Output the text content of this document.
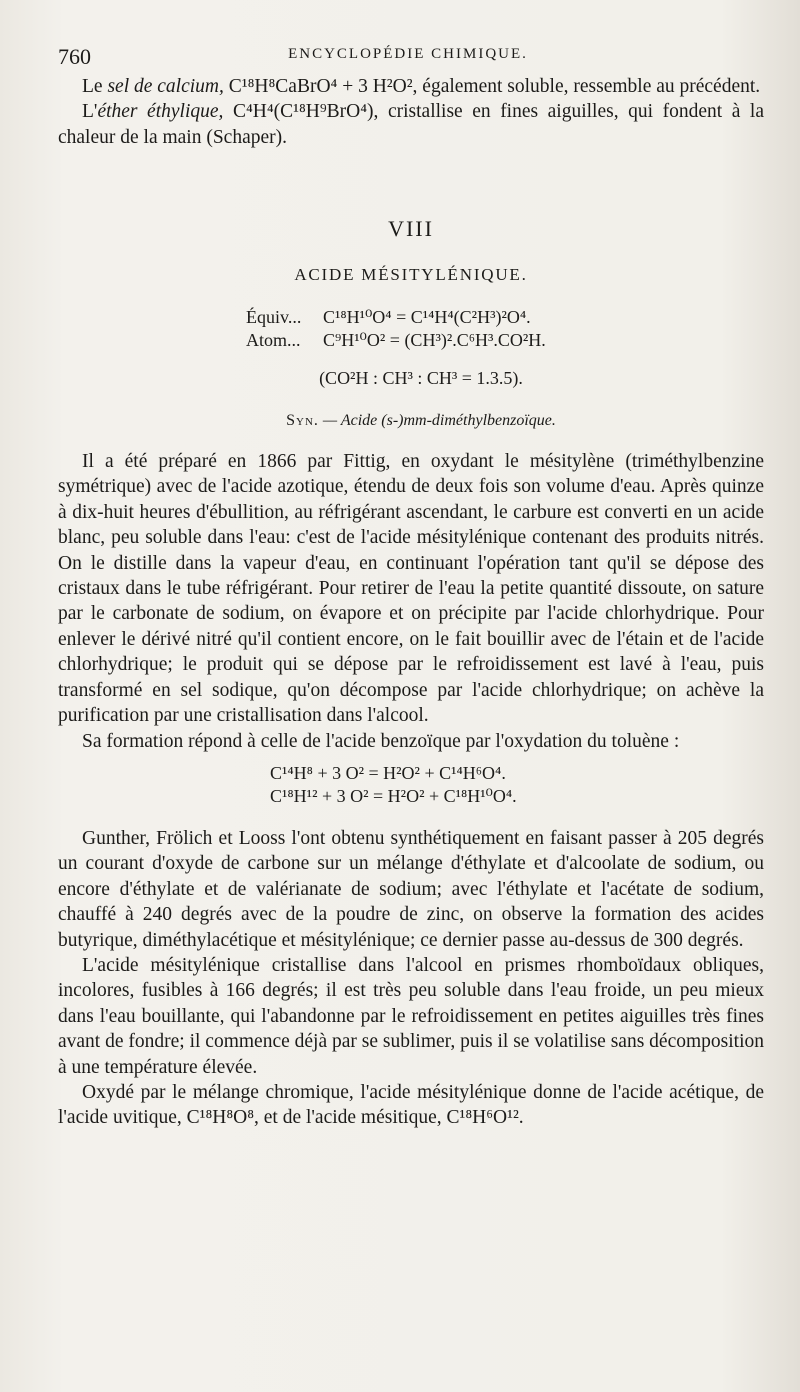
760	ENCYCLOPÉDIE CHIMIQUE.

Le sel de calcium, C¹⁸H⁸CaBrO⁴ + 3 H²O², également soluble, ressemble au précédent.

L'éther éthylique, C⁴H⁴(C¹⁸H⁹BrO⁴), cristallise en fines aiguilles, qui fondent à la chaleur de la main (Schaper).

VIII
ACIDE MÉSITYLÉNIQUE.
Équiv... C¹⁸H¹⁰O⁴ = C¹⁴H⁴(C²H³)²O⁴.
Atom... C⁹H¹⁰O² = (CH³)².C⁶H³.CO²H.
(CO²H : CH³ : CH³ = 1.3.5).
Syn. — Acide (s-)mm-diméthylbenzoïque.

Il a été préparé en 1866 par Fittig, en oxydant le mésitylène (triméthylbenzine symétrique) avec de l'acide azotique, étendu de deux fois son volume d'eau. Après quinze à dix-huit heures d'ébullition, au réfrigérant ascendant, le carbure est converti en un acide blanc, peu soluble dans l'eau: c'est de l'acide mésitylénique contenant des produits nitrés. On le distille dans la vapeur d'eau, en continuant l'opération tant qu'il se dépose des cristaux dans le tube réfrigérant. Pour retirer de l'eau la petite quantité dissoute, on sature par le carbonate de sodium, on évapore et on précipite par l'acide chlorhydrique. Pour enlever le dérivé nitré qu'il contient encore, on le fait bouillir avec de l'étain et de l'acide chlorhydrique; le produit qui se dépose par le refroidissement est lavé à l'eau, puis transformé en sel sodique, qu'on décompose par l'acide chlorhydrique; on achève la purification par une cristallisation dans l'alcool.

Sa formation répond à celle de l'acide benzoïque par l'oxydation du toluène :

C¹⁴H⁸ + 3 O² = H²O² + C¹⁴H⁶O⁴.
C¹⁸H¹² + 3 O² = H²O² + C¹⁸H¹⁰O⁴.

Gunther, Frölich et Looss l'ont obtenu synthétiquement en faisant passer à 205 degrés un courant d'oxyde de carbone sur un mélange d'éthylate et d'alcoolate de sodium, ou encore d'éthylate et de valérianate de sodium; avec l'éthylate et l'acétate de sodium, chauffé à 240 degrés avec de la poudre de zinc, on observe la formation des acides butyrique, diméthylacétique et mésitylénique; ce dernier passe au-dessus de 300 degrés.

L'acide mésitylénique cristallise dans l'alcool en prismes rhomboïdaux obliques, incolores, fusibles à 166 degrés; il est très peu soluble dans l'eau froide, un peu mieux dans l'eau bouillante, qui l'abandonne par le refroidissement en petites aiguilles très fines avant de fondre; il commence déjà par se sublimer, puis il se volatilise sans décomposition à une température élevée.

Oxydé par le mélange chromique, l'acide mésitylénique donne de l'acide acétique, de l'acide uvitique, C¹⁸H⁸O⁸, et de l'acide mésitique, C¹⁸H⁶O¹².
